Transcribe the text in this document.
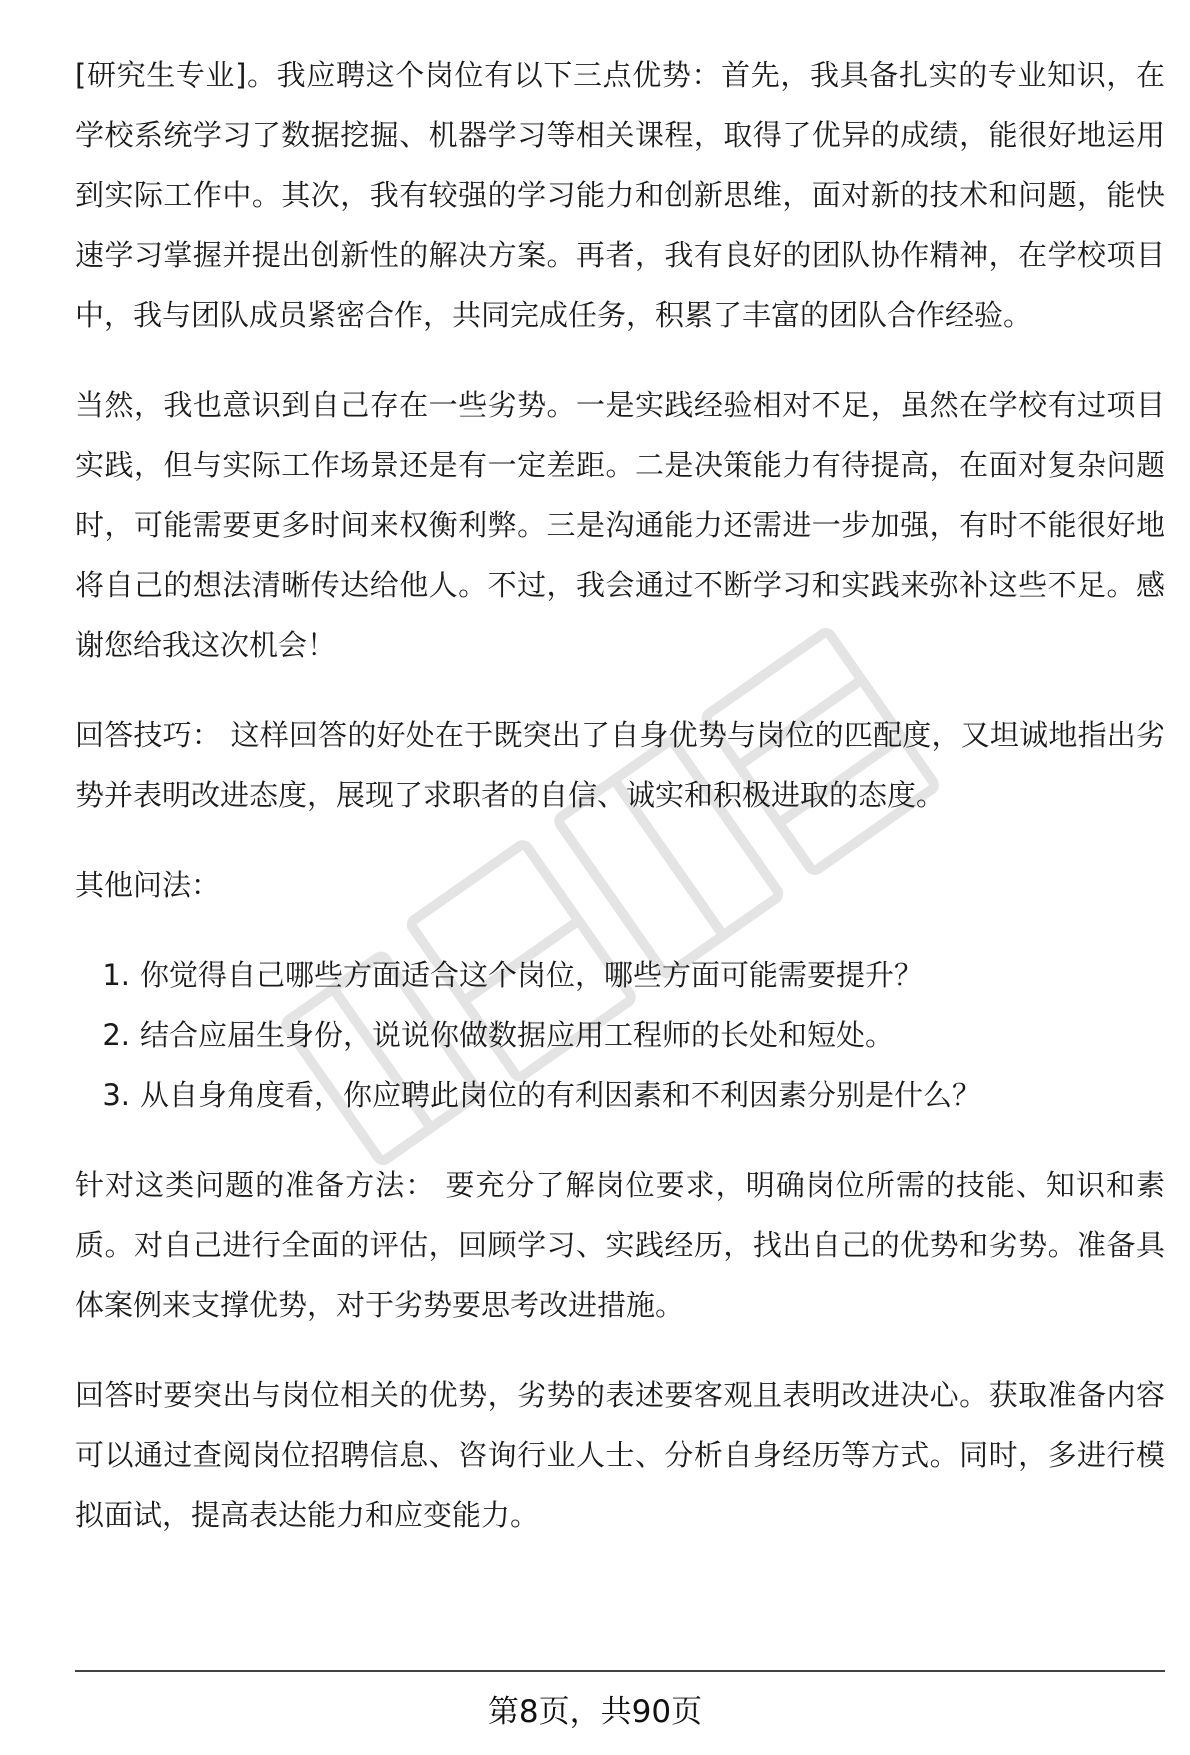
[研究生专业]。我应聘这个岗位有以下三点优势：首先，我具备扎实的专业知识，在学校系统学习了数据挖掘、机器学习等相关课程，取得了优异的成绩，能很好地运用到实际工作中。其次，我有较强的学习能力和创新思维，面对新的技术和问题，能快速学习掌握并提出创新性的解决方案。再者，我有良好的团队协作精神，在学校项目中，我与团队成员紧密合作，共同完成任务，积累了丰富的团队合作经验。

当然，我也意识到自己存在一些劣势。一是实践经验相对不足，虽然在学校有过项目实践，但与实际工作场景还是有一定差距。二是决策能力有待提高，在面对复杂问题时，可能需要更多时间来权衡利弊。三是沟通能力还需进一步加强，有时不能很好地将自己的想法清晰传达给他人。不过，我会通过不断学习和实践来弥补这些不足。感谢您给我这次机会！

回答技巧： 这样回答的好处在于既突出了自身优势与岗位的匹配度，又坦诚地指出劣势并表明改进态度，展现了求职者的自信、诚实和积极进取的态度。

其他问法：

1. 你觉得自己哪些方面适合这个岗位，哪些方面可能需要提升？
2. 结合应届生身份，说说你做数据应用工程师的长处和短处。
3. 从自身角度看，你应聘此岗位的有利因素和不利因素分别是什么？

针对这类问题的准备方法： 要充分了解岗位要求，明确岗位所需的技能、知识和素质。对自己进行全面的评估，回顾学习、实践经历，找出自己的优势和劣势。准备具体案例来支撑优势，对于劣势要思考改进措施。

回答时要突出与岗位相关的优势，劣势的表述要客观且表明改进决心。获取准备内容可以通过查阅岗位招聘信息、咨询行业人士、分析自身经历等方式。同时，多进行模拟面试，提高表达能力和应变能力。

第8页，共90页
